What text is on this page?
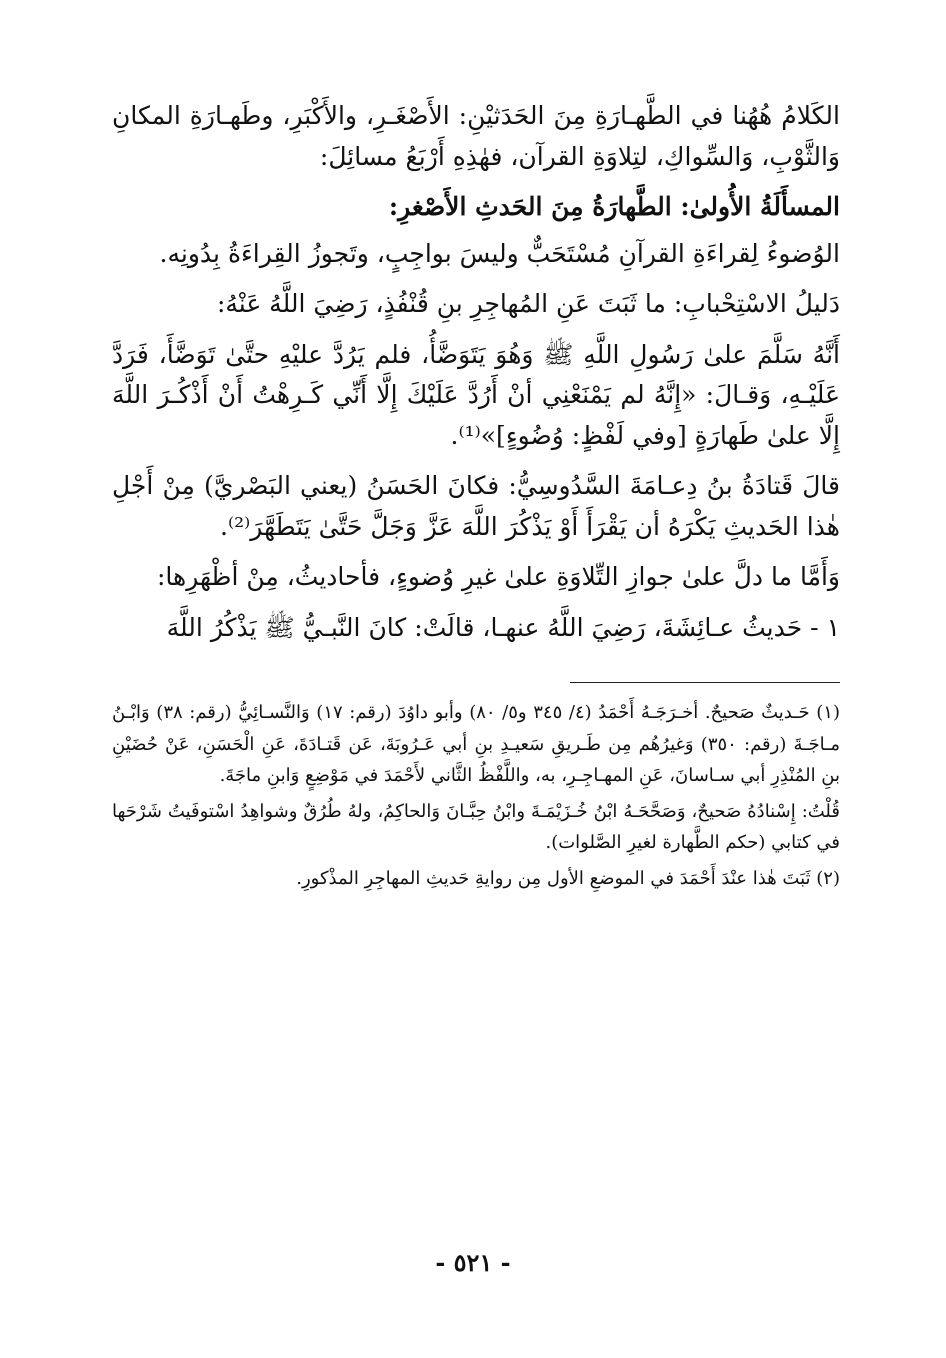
الكَلامُ هُهُنا في الطَّهـارَةِ مِنَ الحَدَثيْنِ: الأَصْغَـرِ، والأَكْبَرِ، وطَهـارَةِ المكانِ وَالثَّوْبِ، وَالسِّواكِ، لتِلاوَةِ القرآن، فهٰذِهِ أَرْبَعُ مسائِلَ:

المسأَلَةُ الأُولىٰ: الطَّهارَةُ مِنَ الحَدثِ الأَصْغرِ:

الوُضوءُ لِقراءَةِ القرآنِ مُسْتَحَبٌّ وليسَ بواجِبٍ، وتَجوزُ القِراءَةُ بِدُونِه.

دَليلُ الاسْتِحْبابِ: ما ثَبَتَ عَنِ المُهاجِرِ بنِ قُنْفُذٍ، رَضِيَ اللَّهُ عَنْهُ:

أَنَّهُ سَلَّمَ علىٰ رَسُولِ اللَّهِ ﷺ وَهُوَ يَتَوَضَّأُ، فلم يَرُدَّ عليْهِ حتَّىٰ تَوَضَّأَ، فَرَدَّ عَلَيْـهِ، وَقـالَ: «إِنَّهُ لم يَمْنَعْنِي أنْ أَرُدَّ عَلَيْكَ إِلَّا أَنِّي كَـرِهْتُ أَنْ أَذْكُـرَ اللَّهَ إِلَّا علىٰ طَهارَةٍ [وفي لَفْظٍ: وُضُوءٍ]»⁽¹⁾.

قالَ قَتادَةُ بنُ دِعـامَةَ السَّدُوسِيُّ: فكانَ الحَسَنُ (يعني البَصْريَّ) مِنْ أَجْلِ هٰذا الحَديثِ يَكْرَهُ أن يَقْرَأَ أَوْ يَذْكُرَ اللَّهَ عَزَّ وَجَلَّ حَتَّىٰ يَتَطَهَّرَ⁽²⁾.

وَأَمَّا ما دلَّ علىٰ جوازِ التِّلاوَةِ علىٰ غيرِ وُضوءٍ، فأحاديثُ، مِنْ أظْهَرِها:

١ - حَديثُ عـائِشَةَ، رَضِيَ اللَّهُ عنهـا، قالَتْ: كانَ النَّبـيُّ ﷺ يَذْكُرُ اللَّهَ

(١) حَـديثٌ صَحيحٌ. أخـرَجَـهُ أَحْمَدُ (٤/ ٣٤٥ و٥/ ٨٠) وأبو داوُدَ (رقم: ١٧) وَالنَّسـائِيُّ (رقم: ٣٨) وَابْـنُ مـاجَـةَ (رقم: ٣٥٠) وَغيرُهُم مِن طَـريقِ سَعيـدِ بنِ أبي عَـرُوبَةَ، عَن قَتـادَةَ، عَنِ الْحَسَنِ، عَنْ حُضَيْنِ بنِ المُنْذِرِ أبي سـاسانَ، عَنِ المهـاجِـرِ، به، واللَّفْظُ الثَّاني لأَحْمَدَ في مَوْضِعٍ وَابنِ ماجَةَ.

قُلْتُ: إِسْنادُهُ صَحيحٌ، وَصَحَّحَـهُ ابْنُ خُـزَيْمَـةَ وابْنُ حِبَّـانَ وَالحاكِمُ، ولهُ طُرُقٌ وشواهِدُ اسْتوفَيتُ شَرْحَها في كتابي (حكم الطَّهارة لغيرِ الصَّلوات).

(٢) ثَبَتَ هٰذا عنْدَ أَحْمَدَ في الموضعِ الأول مِن روايةِ حَديثِ المهاجِرِ المذْكورِ.

- ٥٢١ -
